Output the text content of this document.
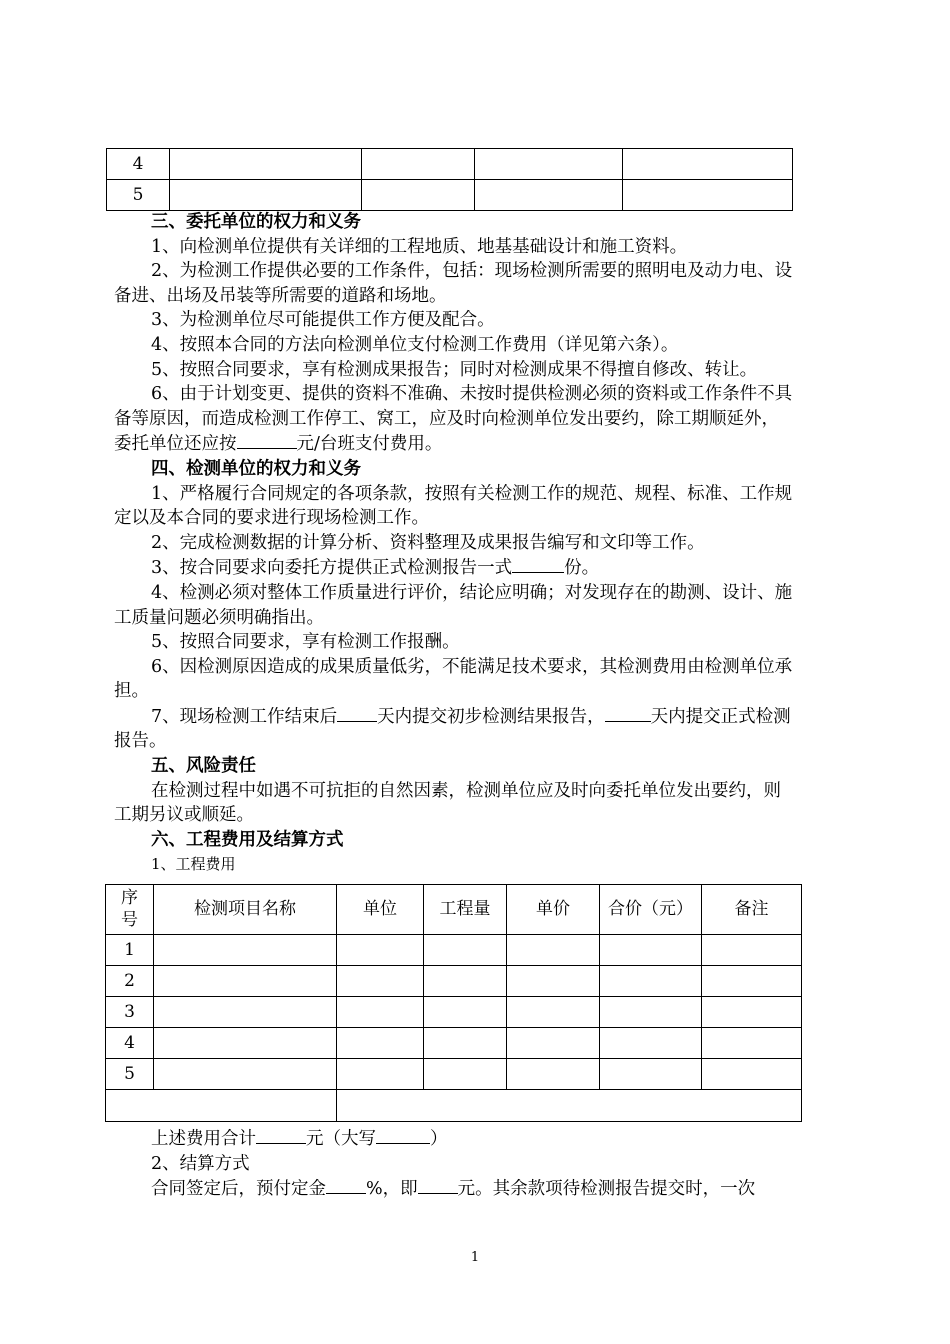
4				
5				

三、委托单位的权力和义务

1、向检测单位提供有关详细的工程地质、地基基础设计和施工资料。

2、为检测工作提供必要的工作条件，包括：现场检测所需要的照明电及动力电、设备进、出场及吊装等所需要的道路和场地。

3、为检测单位尽可能提供工作方便及配合。

4、按照本合同的方法向检测单位支付检测工作费用（详见第六条）。

5、按照合同要求，享有检测成果报告；同时对检测成果不得擅自修改、转让。

6、由于计划变更、提供的资料不准确、未按时提供检测必须的资料或工作条件不具备等原因，而造成检测工作停工、窝工，应及时向检测单位发出要约，除工期顺延外，委托单位还应按	元/台班支付费用。

四、检测单位的权力和义务

1、严格履行合同规定的各项条款，按照有关检测工作的规范、规程、标准、工作规定以及本合同的要求进行现场检测工作。

2、完成检测数据的计算分析、资料整理及成果报告编写和文印等工作。

3、按合同要求向委托方提供正式检测报告一式	份。

4、检测必须对整体工作质量进行评价，结论应明确；对发现存在的勘测、设计、施工质量问题必须明确指出。

5、按照合同要求，享有检测工作报酬。

6、因检测原因造成的成果质量低劣，不能满足技术要求，其检测费用由检测单位承担。

7、现场检测工作结束后 天内提交初步检测结果报告，	天内提交正式检测报告。

五、风险责任

在检测过程中如遇不可抗拒的自然因素，检测单位应及时向委托单位发出要约，则工期另议或顺延。

六、工程费用及结算方式

1、工程费用

序号	检测项目名称	单位	工程量	单价	合价（元）	备注
1						
2						
3						
4						
5						

上述费用合计	元（大写	）

2、结算方式

合同签定后，预付定金 %，即 元。其余款项待检测报告提交时，一次

1
